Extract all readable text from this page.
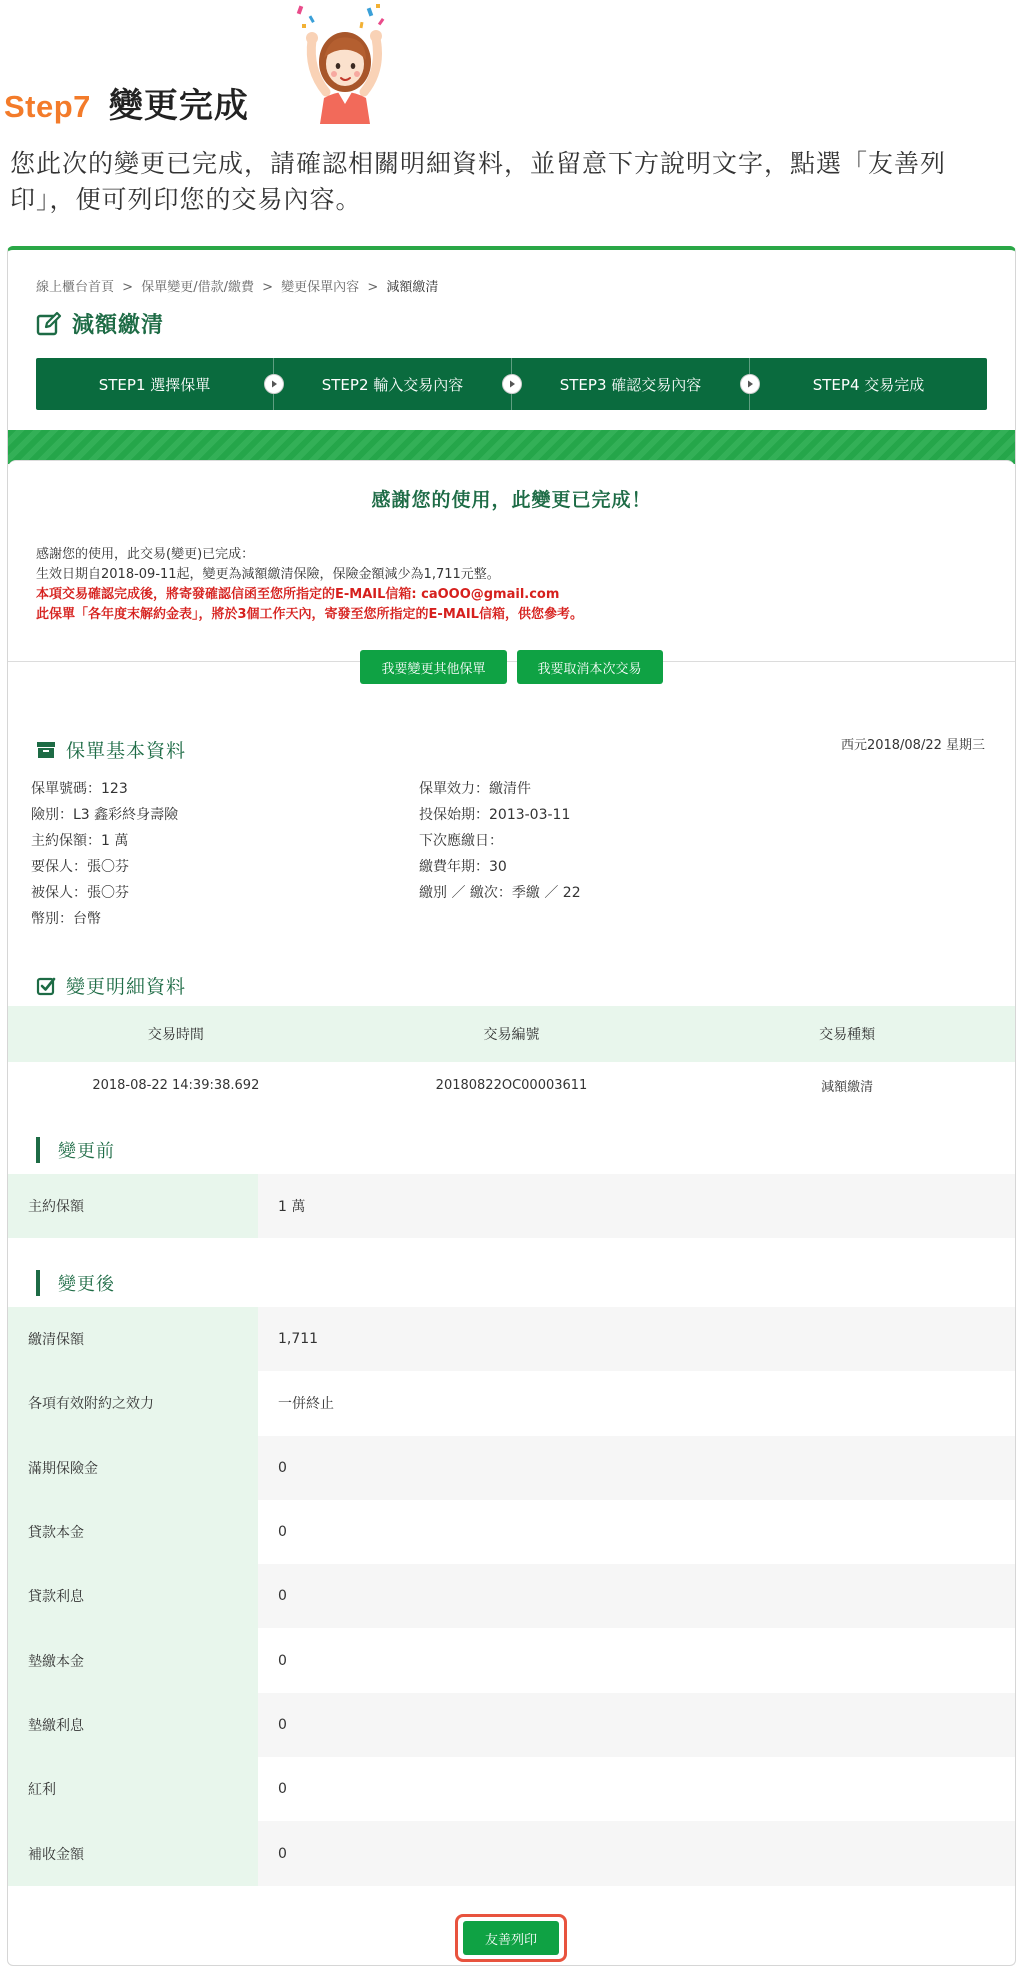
Step7 變更完成
您此次的變更已完成，請確認相關明細資料，並留意下方說明文字，點選「友善列印」，便可列印您的交易內容。
線上櫃台首頁 > 保單變更/借款/繳費 > 變更保單內容 > 減額繳清
減額繳清
STEP1 選擇保單	STEP2 輸入交易內容	STEP3 確認交易內容	STEP4 交易完成
感謝您的使用，此變更已完成！
感謝您的使用，此交易(變更)已完成：
生效日期自2018-09-11起，變更為減額繳清保險，保險金額減少為1,711元整。
本項交易確認完成後，將寄發確認信函至您所指定的E-MAIL信箱: caOOO@gmail.com
此保單「各年度末解約金表」，將於3個工作天內，寄發至您所指定的E-MAIL信箱，供您參考。
我要變更其他保單	我要取消本次交易
保單基本資料	西元2018/08/22 星期三
保單號碼：123
險別：L3 鑫彩終身壽險
主約保額：1 萬
要保人：張〇芬
被保人：張〇芬
幣別：台幣
保單效力：繳清件
投保始期：2013-03-11
下次應繳日：
繳費年期：30
繳別 ／ 繳次：季繳 ／ 22
變更明細資料
交易時間	交易編號	交易種類
2018-08-22 14:39:38.692	20180822OC00003611	減額繳清
變更前
主約保額	1 萬
變更後
繳清保額	1,711
各項有效附約之效力	一併終止
滿期保險金	0
貸款本金	0
貸款利息	0
墊繳本金	0
墊繳利息	0
紅利	0
補收金額	0
友善列印
